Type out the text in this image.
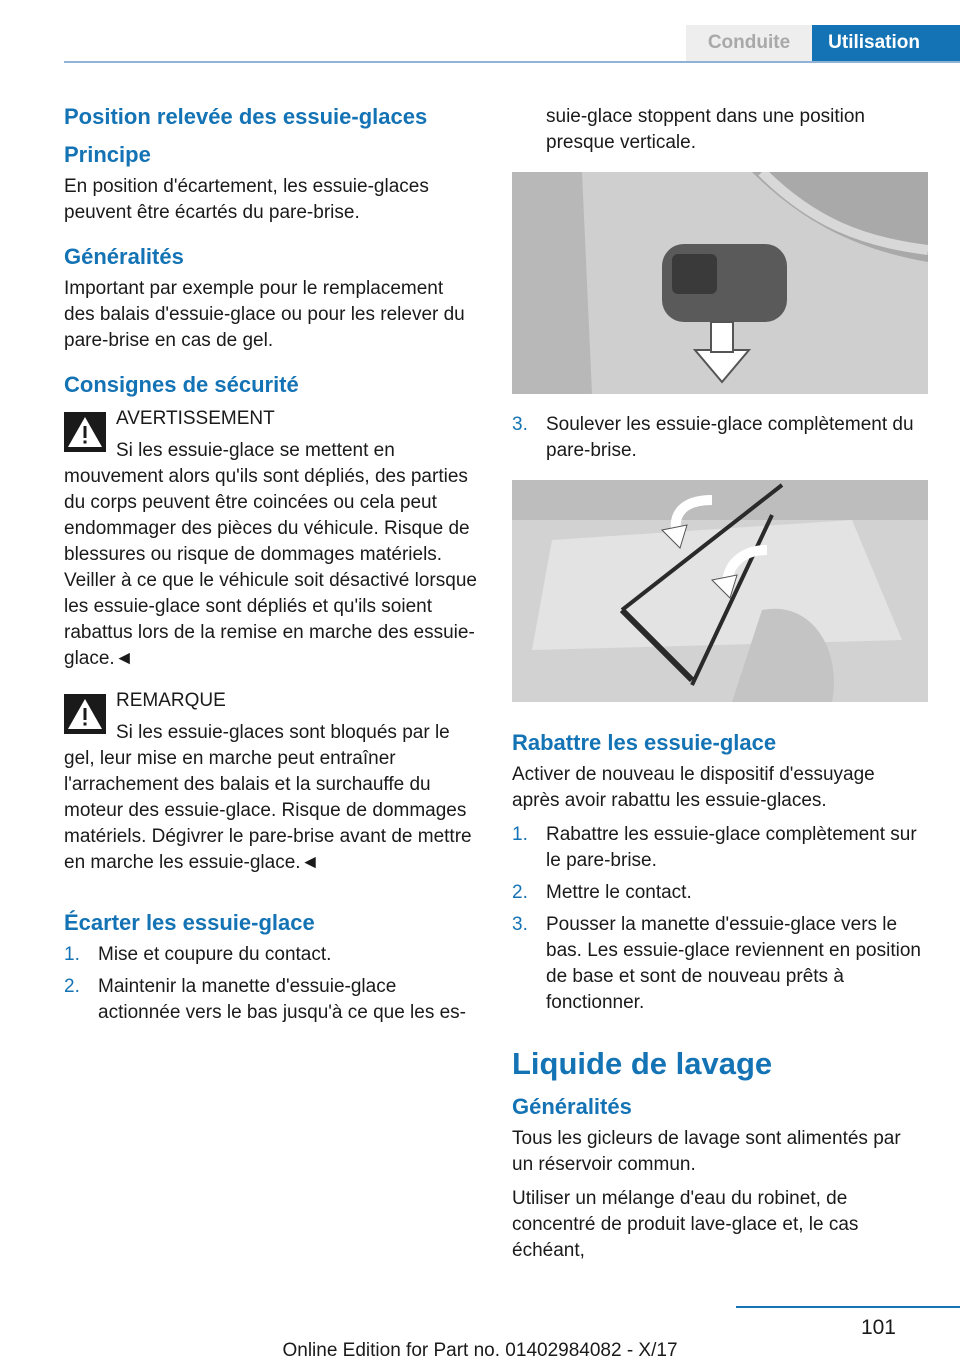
Conduite	Utilisation
Position relevée des essuie-glaces
Principe

En position d'écartement, les essuie-glaces peuvent être écartés du pare-brise.

Généralités

Important par exemple pour le remplacement des balais d'essuie-glace ou pour les relever du pare-brise en cas de gel.

Consignes de sécurité
AVERTISSEMENT
Si les essuie-glace se mettent en mouvement alors qu'ils sont dépliés, des parties du corps peuvent être coincées ou cela peut endommager des pièces du véhicule. Risque de blessures ou risque de dommages matériels. Veiller à ce que le véhicule soit désactivé lorsque les essuie-glace sont dépliés et qu'ils soient rabattus lors de la remise en marche des essuie-glace.◄
REMARQUE
Si les essuie-glaces sont bloqués par le gel, leur mise en marche peut entraîner l'arrachement des balais et la surchauffe du moteur des essuie-glace. Risque de dommages matériels. Dégivrer le pare-brise avant de mettre en marche les essuie-glace.◄
Écarter les essuie-glace
1. Mise et coupure du contact.
2. Maintenir la manette d'essuie-glace actionnée vers le bas jusqu'à ce que les es-

suie-glace stoppent dans une position presque verticale.

3. Soulever les essuie-glace complètement du pare-brise.
Rabattre les essuie-glace

Activer de nouveau le dispositif d'essuyage après avoir rabattu les essuie-glaces.

1. Rabattre les essuie-glace complètement sur le pare-brise.
2. Mettre le contact.
3. Pousser la manette d'essuie-glace vers le bas. Les essuie-glace reviennent en position de base et sont de nouveau prêts à fonctionner.
Liquide de lavage
Généralités

Tous les gicleurs de lavage sont alimentés par un réservoir commun.

Utiliser un mélange d'eau du robinet, de concentré de produit lave-glace et, le cas échéant,

101
Online Edition for Part no. 01402984082 - X/17
